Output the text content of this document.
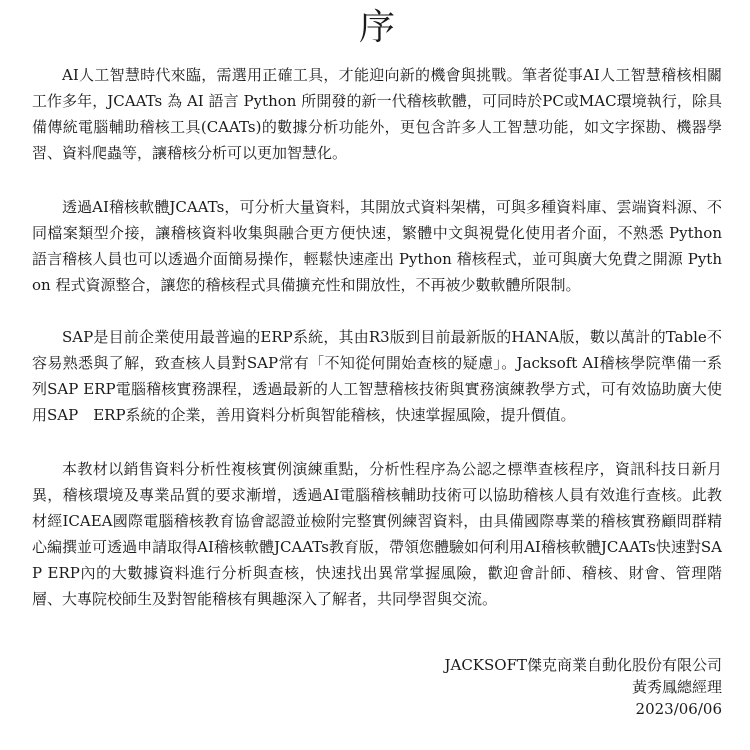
序

AI人工智慧時代來臨，需選用正確工具，才能迎向新的機會與挑戰。筆者從事AI人工智慧稽核相關工作多年，JCAATs 為 AI 語言 Python 所開發的新一代稽核軟體，可同時於PC或MAC環境執行，除具備傳統電腦輔助稽核工具(CAATs)的數據分析功能外，更包含許多人工智慧功能，如文字探勘、機器學習、資料爬蟲等，讓稽核分析可以更加智慧化。

透過AI稽核軟體JCAATs，可分析大量資料，其開放式資料架構，可與多種資料庫、雲端資料源、不同檔案類型介接，讓稽核資料收集與融合更方便快速，繁體中文與視覺化使用者介面，不熟悉 Python 語言稽核人員也可以透過介面簡易操作，輕鬆快速產出 Python 稽核程式，並可與廣大免費之開源 Python 程式資源整合，讓您的稽核程式具備擴充性和開放性，不再被少數軟體所限制。

SAP是目前企業使用最普遍的ERP系統，其由R3版到目前最新版的HANA版，數以萬計的Table不容易熟悉與了解，致查核人員對SAP常有「不知從何開始查核的疑慮」。Jacksoft AI稽核學院準備一系列SAP ERP電腦稽核實務課程，透過最新的人工智慧稽核技術與實務演練教學方式，可有效協助廣大使用SAP　ERP系統的企業，善用資料分析與智能稽核，快速掌握風險，提升價值。

本教材以銷售資料分析性複核實例演練重點，分析性程序為公認之標準查核程序，資訊科技日新月異，稽核環境及專業品質的要求漸增，透過AI電腦稽核輔助技術可以協助稽核人員有效進行查核。此教材經ICAEA國際電腦稽核教育協會認證並檢附完整實例練習資料，由具備國際專業的稽核實務顧問群精心編撰並可透過申請取得AI稽核軟體JCAATs教育版，帶領您體驗如何利用AI稽核軟體JCAATs快速對SAP ERP內的大數據資料進行分析與查核，快速找出異常掌握風險，歡迎會計師、稽核、財會、管理階層、大專院校師生及對智能稽核有興趣深入了解者，共同學習與交流。

JACKSOFT傑克商業自動化股份有限公司
黃秀鳳總經理
2023/06/06
